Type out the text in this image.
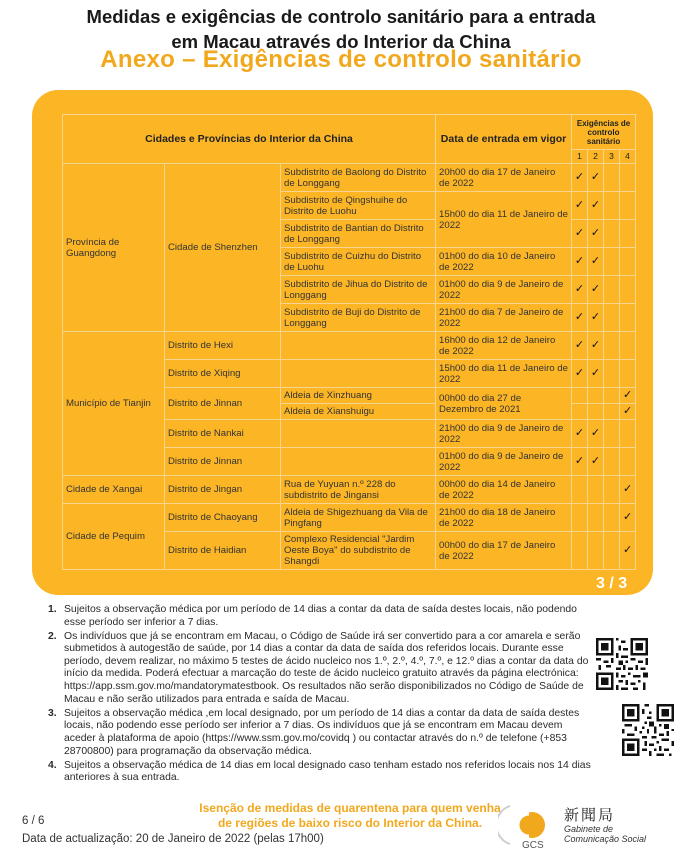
Medidas e exigências de controlo sanitário para a entrada
em Macau através do Interior da China
Anexo – Exigências de controlo sanitário
Cidades e Províncias do Interior da China			Data de entrada em vigor	Exigências de controlo sanitário			
				1	2	3	4
Província de Guangdong	Cidade de Shenzhen	Subdistrito de Baolong do Distrito de Longgang	20h00 do dia 17 de Janeiro de 2022	✓	✓		
		Subdistrito de Qingshuihe do Distrito de Luohu	15h00 do dia 11 de Janeiro de 2022	✓	✓		
		Subdistrito de Bantian do Distrito de Longgang		✓	✓		
		Subdistrito de Cuizhu do Distrito de Luohu	01h00 do dia 10 de Janeiro de 2022	✓	✓		
		Subdistrito de Jihua do Distrito de Longgang	01h00 do dia 9 de Janeiro de 2022	✓	✓		
		Subdistrito de Buji do Distrito de Longgang	21h00 do dia 7 de Janeiro de 2022	✓	✓		
Município de Tianjin	Distrito de Hexi		16h00 do dia 12 de Janeiro de 2022	✓	✓		
	Distrito de Xiqing		15h00 do dia 11 de Janeiro de 2022	✓	✓		
	Distrito de Jinnan	Aldeia de Xinzhuang	00h00 do dia 27 de Dezembro de 2021				✓
		Aldeia de Xianshuigu					✓
	Distrito de Nankai		21h00 do dia 9 de Janeiro de 2022	✓	✓		
	Distrito de Jinnan		01h00 do dia 9 de Janeiro de 2022	✓	✓		
Cidade de Xangai	Distrito de Jingan	Rua de Yuyuan n.º 228 do subdistrito de Jingansi	00h00 do dia 14 de Janeiro de 2022				✓
Cidade de Pequim	Distrito de Chaoyang	Aldeia de Shigezhuang da Vila de Pingfang	21h00 do dia 18 de Janeiro de 2022				✓
	Distrito de Haidian	Complexo Residencial "Jardim Oeste Boya" do subdistrito de Shangdi	00h00 do dia 17 de Janeiro de 2022				✓
3 / 3
1. Sujeitos a observação médica por um período de 14 dias a contar da data de saída destes locais, não podendo esse período ser inferior a 7 dias.
2. Os indivíduos que já se encontram em Macau, o Código de Saúde irá ser convertido para a cor amarela e serão submetidos à autogestão de saúde, por 14 dias a contar da data de saída dos referidos locais. Durante esse período, devem realizar, no máximo 5 testes de ácido nucleico nos 1.º, 2.º, 4.º, 7.º, e 12.º dias a contar da data do início da medida. Poderá efectuar a marcação do teste de ácido nucleico gratuito através da página electrónica: https://app.ssm.gov.mo/mandatorymatestbook. Os resultados não serão disponibilizados no Código de Saúde de Macau e não serão utilizados para entrada e saída de Macau.
3. Sujeitos a observação médica ,em local designado, por um período de 14 dias a contar da data de saída destes locais, não podendo esse período ser inferior a 7 dias. Os indivíduos que já se encontram em Macau devem aceder à plataforma de apoio (https://www.ssm.gov.mo/covidq ) ou contactar através do n.º de telefone (+853 28700800) para programação da observação médica.
4. Sujeitos a observação médica de 14 dias em local designado caso tenham estado nos referidos locais nos 14 dias anteriores à sua entrada.
Isenção de medidas de quarentena para quem venha
de regiões de baixo risco do Interior da China.
6 / 6
Data de actualização: 20 de Janeiro de 2022 (pelas 17h00)
GCS
新聞局
Gabinete de
Comunicação Social
